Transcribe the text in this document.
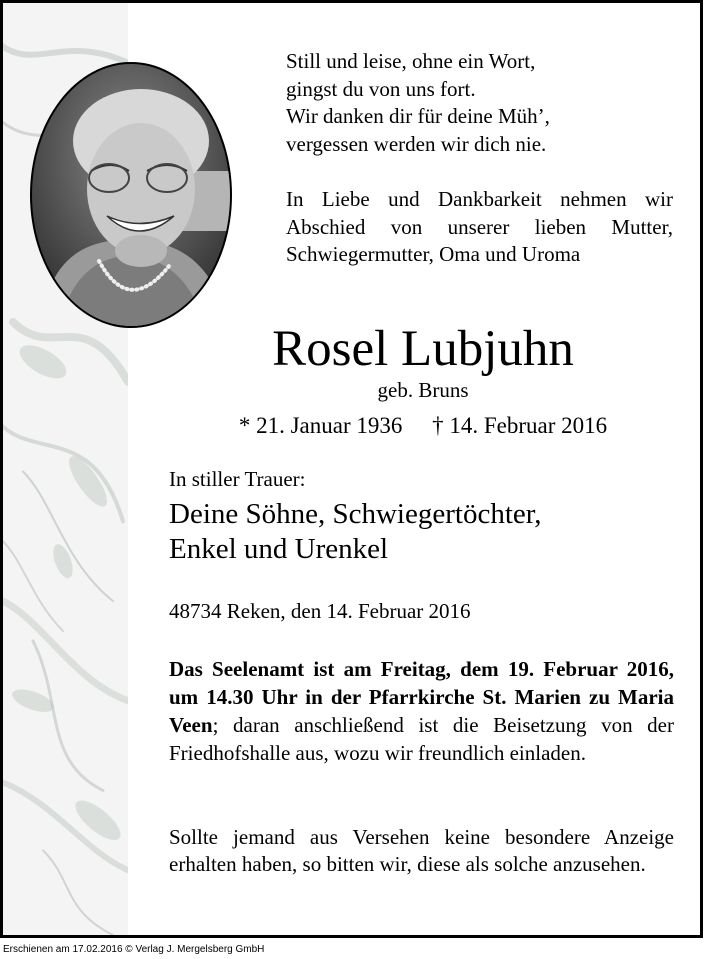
Still und leise, ohne ein Wort,

gingst du von uns fort.

Wir danken dir für deine Müh’,

vergessen werden wir dich nie.

In Liebe und Dankbarkeit nehmen wir Abschied von unserer lieben Mutter, Schwiegermutter, Oma und Uroma
Rosel Lubjuhn
geb. Bruns
* 21. Januar 1936 † 14. Februar 2016
In stiller Trauer:
Deine Söhne, Schwiegertöchter,
Enkel und Urenkel
48734 Reken, den 14. Februar 2016
Das Seelenamt ist am Freitag, dem 19. Februar 2016, um 14.30 Uhr in der Pfarrkirche St. Marien zu Maria Veen; daran anschließend ist die Beisetzung von der Friedhofshalle aus, wozu wir freundlich einladen.
Sollte jemand aus Versehen keine besondere Anzeige erhalten haben, so bitten wir, diese als solche anzusehen.
Erschienen am 17.02.2016 © Verlag J. Mergelsberg GmbH
